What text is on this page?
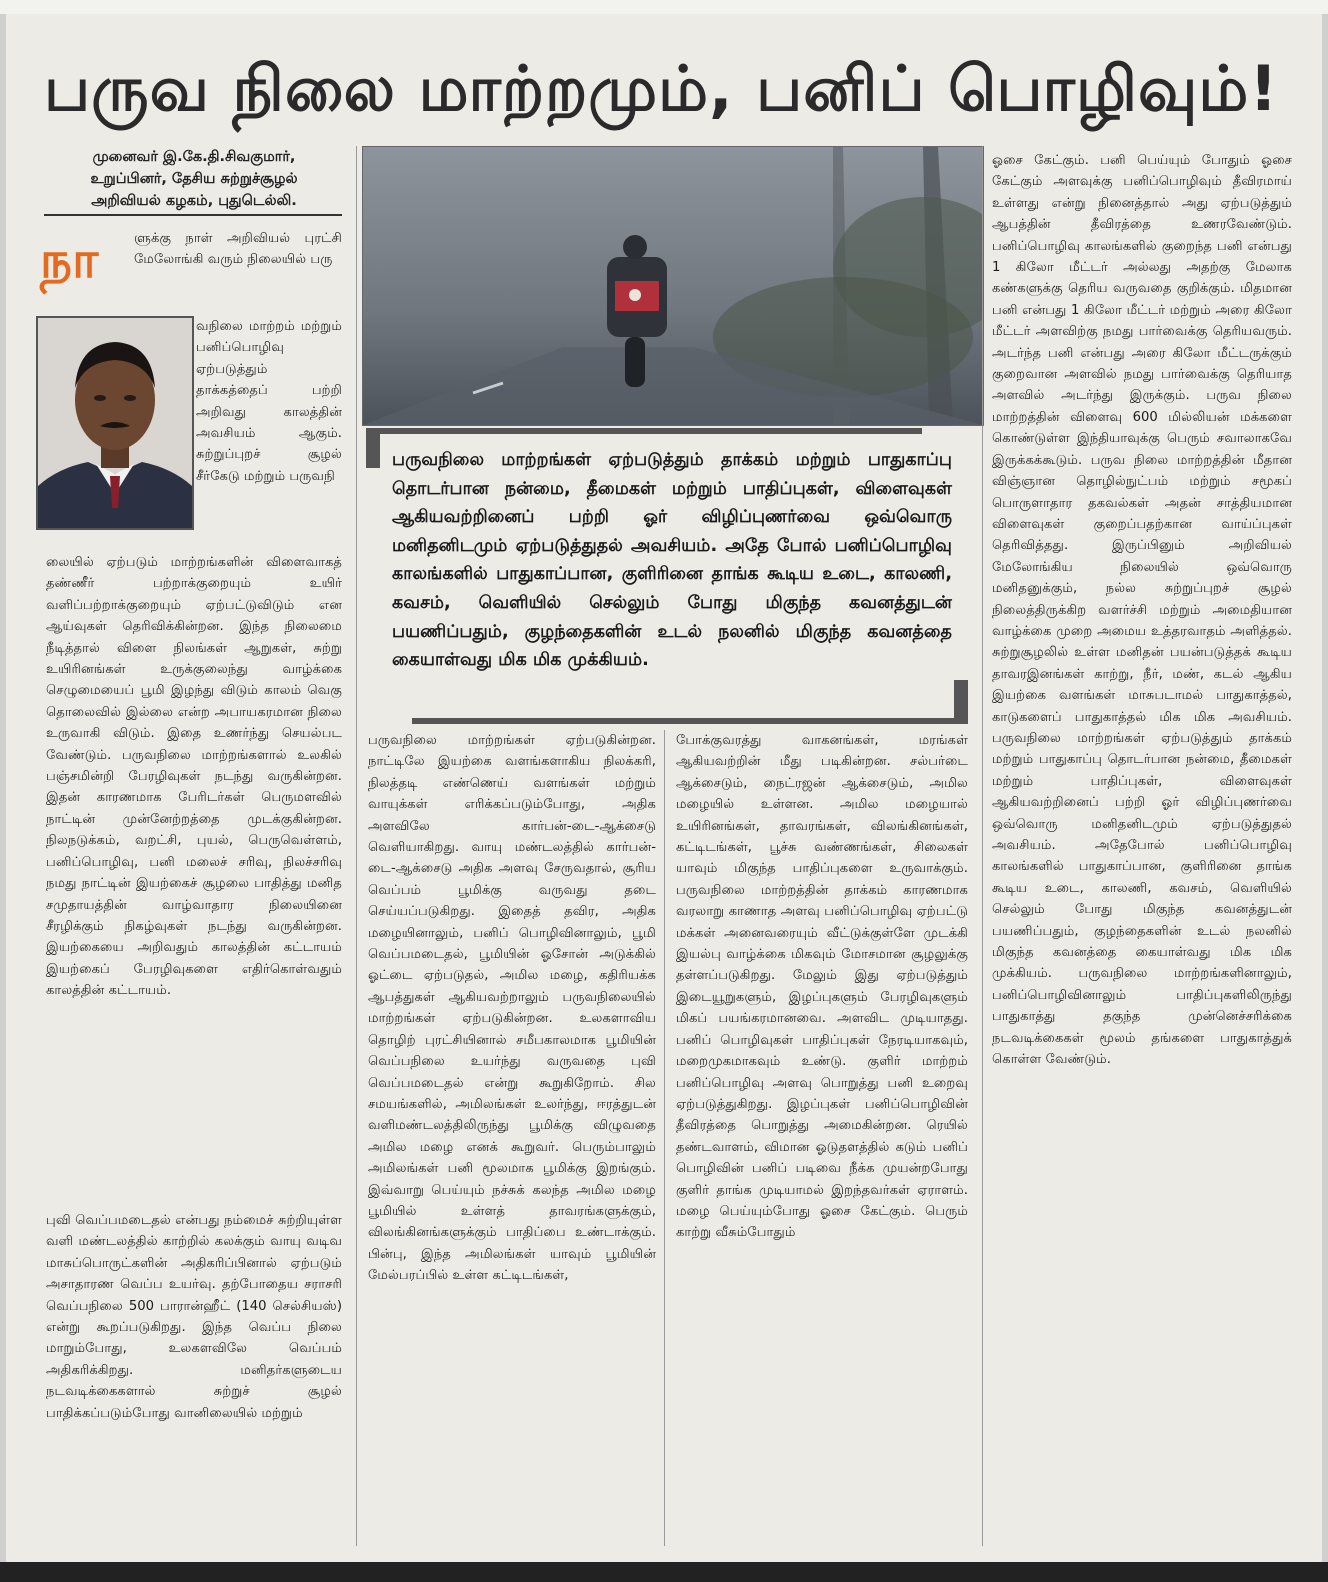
பருவ நிலை மாற்றமும், பனிப் பொழிவும்!
முனைவர் இ.கே.தி.சிவகுமார்,
உறுப்பினர், தேசிய சுற்றுச்சூழல்
அறிவியல் கழகம், புதுடெல்லி.
நா	ளுக்கு நாள் அறிவியல் புரட்சி மேலோங்கி வரும் நிலையில் பரு
வநிலை மாற்றம் மற்றும் பனிப்பொழிவு ஏற்படுத்தும் தாக்கத்தைப் பற்றி அறிவது காலத்தின் அவசியம் ஆகும். சுற்றுப்புறச் சூழல் சீர்கேடு மற்றும் பருவநி
லையில் ஏற்படும் மாற்றங்களின் விளைவாகத் தண்ணீர் பற்றாக்குறையும் உயிர் வளிப்பற்றாக்குறையும் ஏற்பட்டுவிடும் என ஆய்வுகள் தெரிவிக்கின்றன. இந்த நிலைமை நீடித்தால் விளை நிலங்கள் ஆறுகள், சுற்று உயிரினங்கள் உருக்குலைந்து வாழ்க்கை செழுமையைப் பூமி இழந்து விடும் காலம் வெகு தொலைவில் இல்லை என்ற அபாயகரமான நிலை உருவாகி விடும். இதை உணர்ந்து செயல்பட வேண்டும். பருவநிலை மாற்றங்களால் உலகில் பஞ்சமின்றி பேரழிவுகள் நடந்து வருகின்றன. இதன் காரணமாக பேரிடர்கள் பெருமளவில் நாட்டின் முன்னேற்றத்தை முடக்குகின்றன. நிலநடுக்கம், வறட்சி, புயல், பெருவெள்ளம், பனிப்பொழிவு, பனி மலைச் சரிவு, நிலச்சரிவு நமது நாட்டின் இயற்கைச் சூழலை பாதித்து மனித சமுதாயத்தின் வாழ்வாதார நிலையினை சீரழிக்கும் நிகழ்வுகள் நடந்து வருகின்றன. இயற்கையை அறிவதும் காலத்தின் கட்டாயம் இயற்கைப் பேரழிவுகளை எதிர்கொள்வதும் காலத்தின் கட்டாயம்.
புவி வெப்பமடைதல் என்பது நம்மைச் சுற்றியுள்ள வளி மண்டலத்தில் காற்றில் கலக்கும் வாயு வடிவ மாசுப்பொருட்களின் அதிகரிப்பினால் ஏற்படும் அசாதாரண வெப்ப உயர்வு. தற்போதைய சராசரி வெப்பநிலை 500 பாரான்ஹீட் (140 செல்சியஸ்) என்று கூறப்படுகிறது. இந்த வெப்ப நிலை மாறும்போது, உலகளவிலே வெப்பம் அதிகரிக்கிறது. மனிதர்களுடைய நடவடிக்கைகளால் சுற்றுச் சூழல் பாதிக்கப்படும்போது வானிலையில் மற்றும்
பருவநிலை மாற்றங்கள் ஏற்படுத்தும் தாக்கம் மற்றும் பாதுகாப்பு தொடர்பான நன்மை, தீமைகள் மற்றும் பாதிப்புகள், விளைவுகள் ஆகியவற்றினைப் பற்றி ஓர் விழிப்புணர்வை ஒவ்வொரு மனிதனிடமும் ஏற்படுத்துதல் அவசியம். அதே போல் பனிப்பொழிவு காலங்களில் பாதுகாப்பான, குளிரினை தாங்க கூடிய உடை, காலணி, கவசம், வெளியில் செல்லும் போது மிகுந்த கவனத்துடன் பயணிப்பதும், குழந்தைகளின் உடல் நலனில் மிகுந்த கவனத்தை கையாள்வது மிக மிக முக்கியம்.
பருவநிலை மாற்றங்கள் ஏற்படுகின்றன. நாட்டிலே இயற்கை வளங்களாகிய நிலக்கரி, நிலத்தடி எண்ணெய் வளங்கள் மற்றும் வாயுக்கள் எரிக்கப்படும்போது, அதிக அளவிலே கார்பன்-டை-ஆக்சைடு வெளியாகிறது. வாயு மண்டலத்தில் கார்பன்-டை-ஆக்சைடு அதிக அளவு சேருவதால், சூரிய வெப்பம் பூமிக்கு வருவது தடை செய்யப்படுகிறது. இதைத் தவிர, அதிக மழையினாலும், பனிப் பொழிவினாலும், பூமி வெப்பமடைதல், பூமியின் ஓசோன் அடுக்கில் ஓட்டை ஏற்படுதல், அமில மழை, கதிரியக்க ஆபத்துகள் ஆகியவற்றாலும் பருவநிலையில் மாற்றங்கள் ஏற்படுகின்றன. உலகளாவிய தொழிற் புரட்சியினால் சமீபகாலமாக பூமியின் வெப்பநிலை உயர்ந்து வருவதை புவி வெப்பமடைதல் என்று கூறுகிறோம். சில சமயங்களில், அமிலங்கள் உலர்ந்து, ஈரத்துடன் வளிமண்டலத்திலிருந்து பூமிக்கு விழுவதை அமில மழை எனக் கூறுவர். பெரும்பாலும் அமிலங்கள் பனி மூலமாக பூமிக்கு இறங்கும். இவ்வாறு பெய்யும் நச்சுக் கலந்த அமில மழை பூமியில் உள்ளத் தாவரங்களுக்கும், விலங்கினங்களுக்கும் பாதிப்பை உண்டாக்கும். பின்பு, இந்த அமிலங்கள் யாவும் பூமியின் மேல்பரப்பில் உள்ள கட்டிடங்கள்,
போக்குவரத்து வாகனங்கள், மரங்கள் ஆகியவற்றின் மீது படிகின்றன. சல்பர்டை ஆக்சைடும், நைட்ரஜன் ஆக்சைடும், அமில மழையில் உள்ளன. அமில மழையால் உயிரினங்கள், தாவரங்கள், விலங்கினங்கள், கட்டிடங்கள், பூச்சு வண்ணங்கள், சிலைகள் யாவும் மிகுந்த பாதிப்புகளை உருவாக்கும். பருவநிலை மாற்றத்தின் தாக்கம் காரணமாக வரலாறு காணாத அளவு பனிப்பொழிவு ஏற்பட்டு மக்கள் அனைவரையும் வீட்டுக்குள்ளே முடக்கி இயல்பு வாழ்க்கை மிகவும் மோசமான சூழலுக்கு தள்ளப்படுகிறது. மேலும் இது ஏற்படுத்தும் இடையூறுகளும், இழப்புகளும் பேரழிவுகளும் மிகப் பயங்கரமானவை. அளவிட முடியாதது. பனிப் பொழிவுகள் பாதிப்புகள் நேரடியாகவும், மறைமுகமாகவும் உண்டு. குளிர் மாற்றம் பனிப்பொழிவு அளவு பொறுத்து பனி உறைவு ஏற்படுத்துகிறது. இழப்புகள் பனிப்பொழிவின் தீவிரத்தை பொறுத்து அமைகின்றன. ரெயில் தண்டவாளம், விமான ஓடுதளத்தில் கடும் பனிப் பொழிவின் பனிப் படிவை நீக்க முயன்றபோது குளிர் தாங்க முடியாமல் இறந்தவர்கள் ஏராளம். மழை பெய்யும்போது ஓசை கேட்கும். பெரும் காற்று வீசும்போதும்
ஓசை கேட்கும். பனி பெய்யும் போதும் ஓசை கேட்கும் அளவுக்கு பனிப்பொழிவும் தீவிரமாய் உள்ளது என்று நினைத்தால் அது ஏற்படுத்தும் ஆபத்தின் தீவிரத்தை உணரவேண்டும். பனிப்பொழிவு காலங்களில் குறைந்த பனி என்பது 1 கிலோ மீட்டர் அல்லது அதற்கு மேலாக கண்களுக்கு தெரிய வருவதை குறிக்கும். மிதமான பனி என்பது 1 கிலோ மீட்டர் மற்றும் அரை கிலோ மீட்டர் அளவிற்கு நமது பார்வைக்கு தெரியவரும். அடர்ந்த பனி என்பது அரை கிலோ மீட்டருக்கும் குறைவான அளவில் நமது பார்வைக்கு தெரியாத அளவில் அடர்ந்து இருக்கும். பருவ நிலை மாற்றத்தின் விளைவு 600 மில்லியன் மக்களை கொண்டுள்ள இந்தியாவுக்கு பெரும் சவாலாகவே இருக்கக்கூடும். பருவ நிலை மாற்றத்தின் மீதான விஞ்ஞான தொழில்நுட்பம் மற்றும் சமூகப் பொருளாதார தகவல்கள் அதன் சாத்தியமான விளைவுகள் குறைப்பதற்கான வாய்ப்புகள் தெரிவித்தது. இருப்பினும் அறிவியல் மேலோங்கிய நிலையில் ஒவ்வொரு மனிதனுக்கும், நல்ல சுற்றுப்புறச் சூழல் நிலைத்திருக்கிற வளர்ச்சி மற்றும் அமைதியான வாழ்க்கை முறை அமைய உத்தரவாதம் அளித்தல். சுற்றுசூழலில் உள்ள மனிதன் பயன்படுத்தக் கூடிய தாவரஇனங்கள் காற்று, நீர், மண், கடல் ஆகிய இயற்கை வளங்கள் மாசுபடாமல் பாதுகாத்தல், காடுகளைப் பாதுகாத்தல் மிக மிக அவசியம். பருவநிலை மாற்றங்கள் ஏற்படுத்தும் தாக்கம் மற்றும் பாதுகாப்பு தொடர்பான நன்மை, தீமைகள் மற்றும் பாதிப்புகள், விளைவுகள் ஆகியவற்றினைப் பற்றி ஓர் விழிப்புணர்வை ஒவ்வொரு மனிதனிடமும் ஏற்படுத்துதல் அவசியம். அதேபோல் பனிப்பொழிவு காலங்களில் பாதுகாப்பான, குளிரினை தாங்க கூடிய உடை, காலணி, கவசம், வெளியில் செல்லும் போது மிகுந்த கவனத்துடன் பயணிப்பதும், குழந்தைகளின் உடல் நலனில் மிகுந்த கவனத்தை கையாள்வது மிக மிக முக்கியம். பருவநிலை மாற்றங்களினாலும், பனிப்பொழிவினாலும் பாதிப்புகளிலிருந்து பாதுகாத்து தகுந்த முன்னெச்சரிக்கை நடவடிக்கைகள் மூலம் தங்களை பாதுகாத்துக் கொள்ள வேண்டும்.
